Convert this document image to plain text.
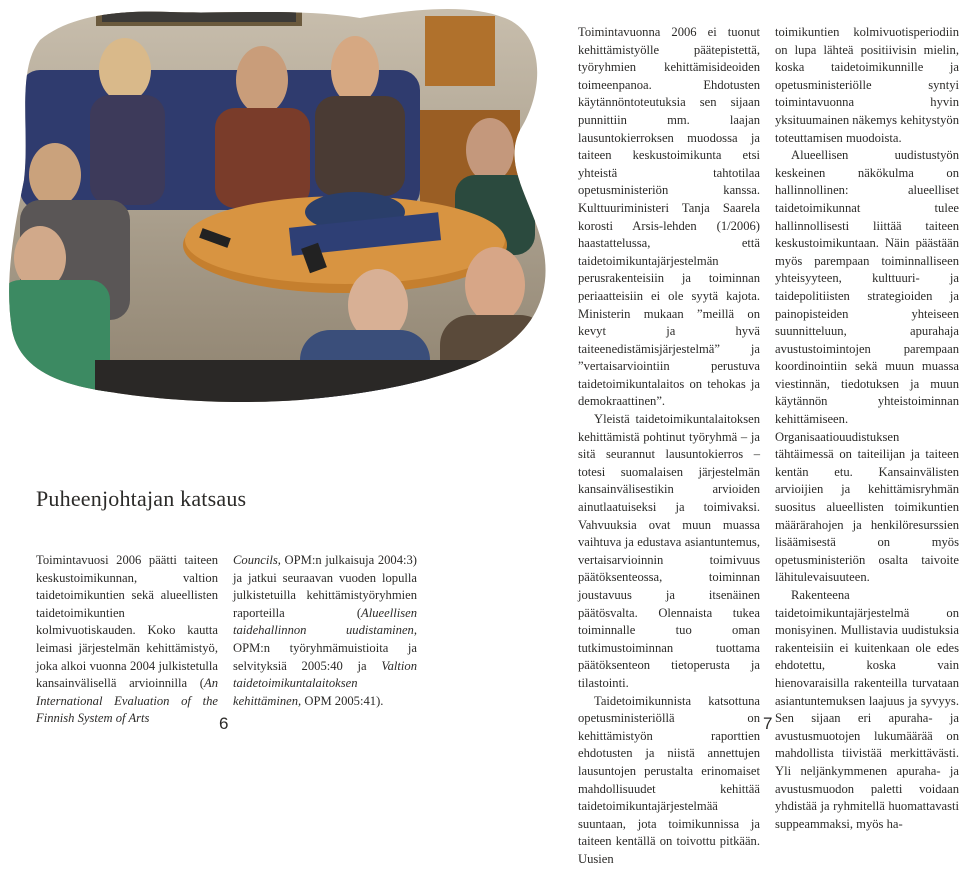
Puheenjohtajan katsaus

Toimintavuosi 2006 päätti taiteen keskustoimikunnan, valtion taidetoimikuntien sekä alueellisten taidetoimikuntien kolmivuotiskauden. Koko kautta leimasi järjestelmän kehittämistyö, joka alkoi vuonna 2004 julkistetulla kansainvälisellä arvioinnilla (An International Evaluation of the Finnish System of Arts

Councils, OPM:n julkaisuja 2004:3) ja jatkui seuraavan vuoden lopulla julkistetuilla kehittämistyöryhmien raporteilla (Alueellisen taidehallinnon uudistaminen, OPM:n työryhmämuistioita ja selvityksiä 2005:40 ja Valtion taidetoimikuntalaitoksen kehittäminen, OPM 2005:41).

Toimintavuonna 2006 ei tuonut kehittämistyölle päätepistettä, työryhmien kehittämisideoiden toimeenpanoa. Ehdotusten käytännöntoteutuksia sen sijaan punnittiin mm. laajan lausuntokierroksen muodossa ja taiteen keskustoimikunta etsi yhteistä tahtotilaa opetusministeriön kanssa. Kulttuuriministeri Tanja Saarela korosti Arsis-lehden (1/2006) haastattelussa, että taidetoimikuntajärjestelmän perusrakenteisiin ja toiminnan periaatteisiin ei ole syytä kajota. Ministerin mukaan ”meillä on kevyt ja hyvä taiteenedistämisjärjestelmä” ja ”vertaisarviointiin perustuva taidetoimikuntalaitos on tehokas ja demokraattinen”.

Yleistä taidetoimikuntalaitoksen kehittämistä pohtinut työryhmä – ja sitä seurannut lausuntokierros – totesi suomalaisen järjestelmän kansainvälisestikin arvioiden ainutlaatuiseksi ja toimivaksi. Vahvuuksia ovat muun muassa vaihtuva ja edustava asiantuntemus, vertaisarvioinnin toimivuus päätöksenteossa, toiminnan joustavuus ja itsenäinen päätösvalta. Olennaista tukea toiminnalle tuo oman tutkimustoiminnan tuottama päätöksenteon tietoperusta ja tilastointi.

Taidetoimikunnista katsottuna opetusministeriöllä on kehittämistyön raporttien ehdotusten ja niistä annettujen lausuntojen perustalta erinomaiset mahdollisuudet kehittää taidetoimikuntajärjestelmää suuntaan, jota toimikunnissa ja taiteen kentällä on toivottu pitkään. Uusien

toimikuntien kolmivuotisperiodiin on lupa lähteä positiivisin mielin, koska taidetoimikunnille ja opetusministeriölle syntyi toimintavuonna hyvin yksituumainen näkemys kehitystyön toteuttamisen muodoista.

Alueellisen uudistustyön keskeinen näkökulma on hallinnollinen: alueelliset taidetoimikunnat tulee hallinnollisesti liittää taiteen keskustoimikuntaan. Näin päästään myös parempaan toiminnalliseen yhteisyyteen, kulttuuri- ja taidepolitiisten strategioiden ja painopisteiden yhteiseen suunnitteluun, apurahaja avustustoimintojen parempaan koordinointiin sekä muun muassa viestinnän, tiedotuksen ja muun käytännön yhteistoiminnan kehittämiseen. Organisaatiouudistuksen tähtäimessä on taiteilijan ja taiteen kentän etu. Kansainvälisten arvioijien ja kehittämisryhmän suositus alueellisten toimikuntien määrärahojen ja henkilöresurssien lisäämisestä on myös opetusministeriön osalta taivoite lähitulevaisuuteen.

Rakenteena taidetoimikuntajärjestelmä on monisyinen. Mullistavia uudistuksia rakenteisiin ei kuitenkaan ole edes ehdotettu, koska vain hienovaraisilla rakenteilla turvataan asiantuntemuksen laajuus ja syvyys. Sen sijaan eri apuraha- ja avustusmuotojen lukumäärää on mahdollista tiivistää merkittävästi. Yli neljänkymmenen apuraha- ja avustusmuodon paletti voidaan yhdistää ja ryhmitellä huomattavasti suppeammaksi, myös ha-

6	7
